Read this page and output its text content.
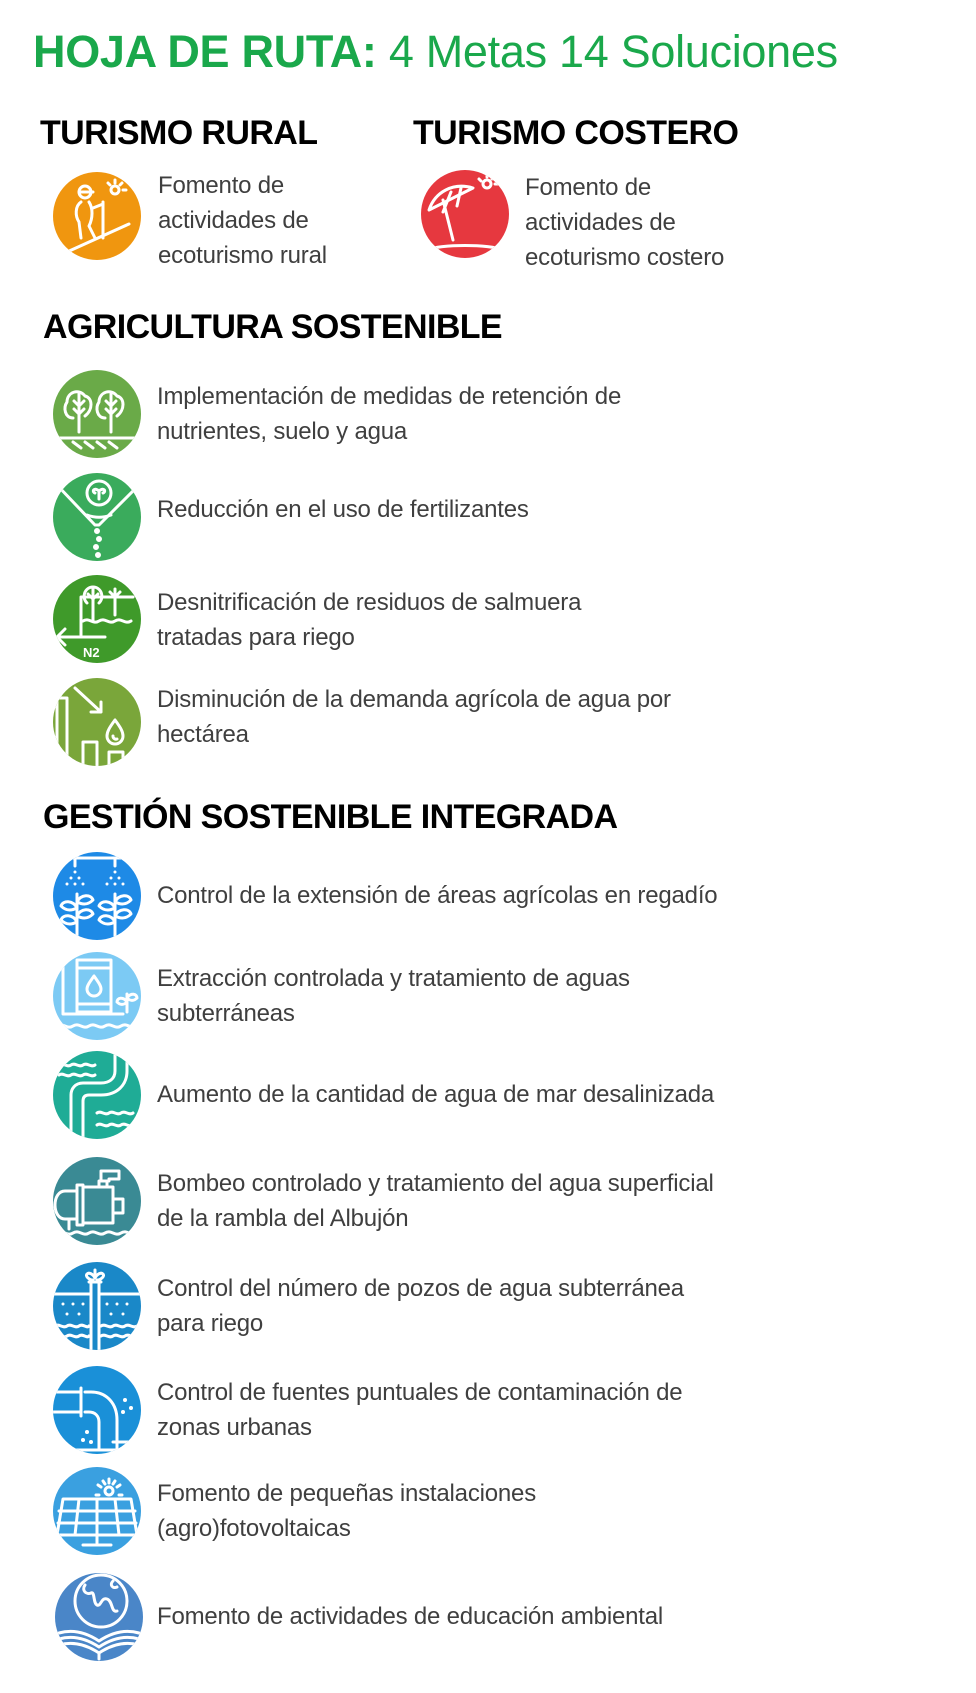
HOJA DE RUTA: 4 Metas 14 Soluciones
TURISMO RURAL
Fomento de
actividades de
ecoturismo rural
TURISMO COSTERO
Fomento de
actividades de
ecoturismo costero
AGRICULTURA SOSTENIBLE
Implementación de medidas de retención de
nutrientes, suelo y agua
Reducción en el uso de fertilizantes
N2
Desnitrificación de residuos de salmuera
tratadas para riego
Disminución de la demanda agrícola de agua por
hectárea
GESTIÓN SOSTENIBLE INTEGRADA
Control de la extensión de áreas agrícolas en regadío
Extracción controlada y tratamiento de aguas
subterráneas
Aumento de la cantidad de agua de mar desalinizada
Bombeo controlado y tratamiento del agua superficial
de la rambla del Albujón
Control del número de pozos de agua subterránea
para riego
Control de fuentes puntuales de contaminación de
zonas urbanas
Fomento de pequeñas instalaciones
(agro)fotovoltaicas
Fomento de actividades de educación ambiental
